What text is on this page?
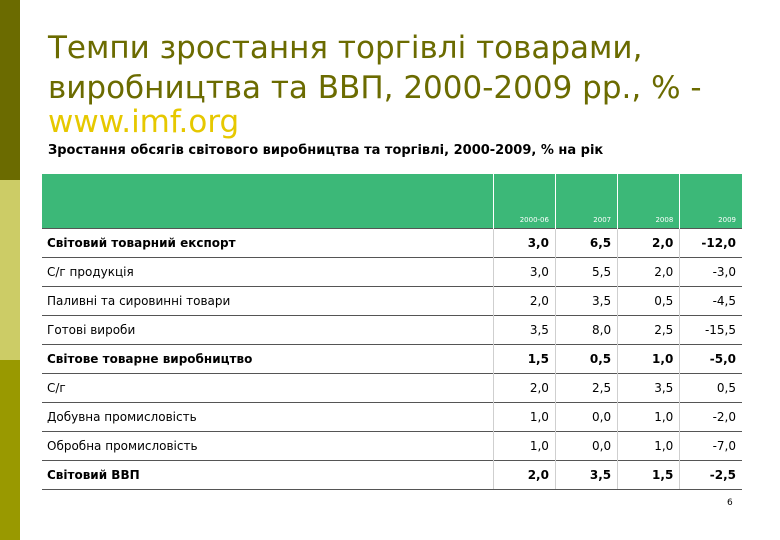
Темпи зростання торгівлі товарами,
виробництва та ВВП, 2000-2009 рр., % -
www.imf.org

Зростання обсягів світового виробництва та торгівлі, 2000-2009, % на рік

	2000-06	2007	2008	2009
Світовий товарний експорт	3,0	6,5	2,0	-12,0
С/г продукція	3,0	5,5	2,0	-3,0
Паливні та сировинні товари	2,0	3,5	0,5	-4,5
Готові вироби	3,5	8,0	2,5	-15,5
Світове товарне виробництво	1,5	0,5	1,0	-5,0
С/г	2,0	2,5	3,5	0,5
Добувна промисловість	1,0	0,0	1,0	-2,0
Обробна промисловість	1,0	0,0	1,0	-7,0
Світовий ВВП	2,0	3,5	1,5	-2,5
6
